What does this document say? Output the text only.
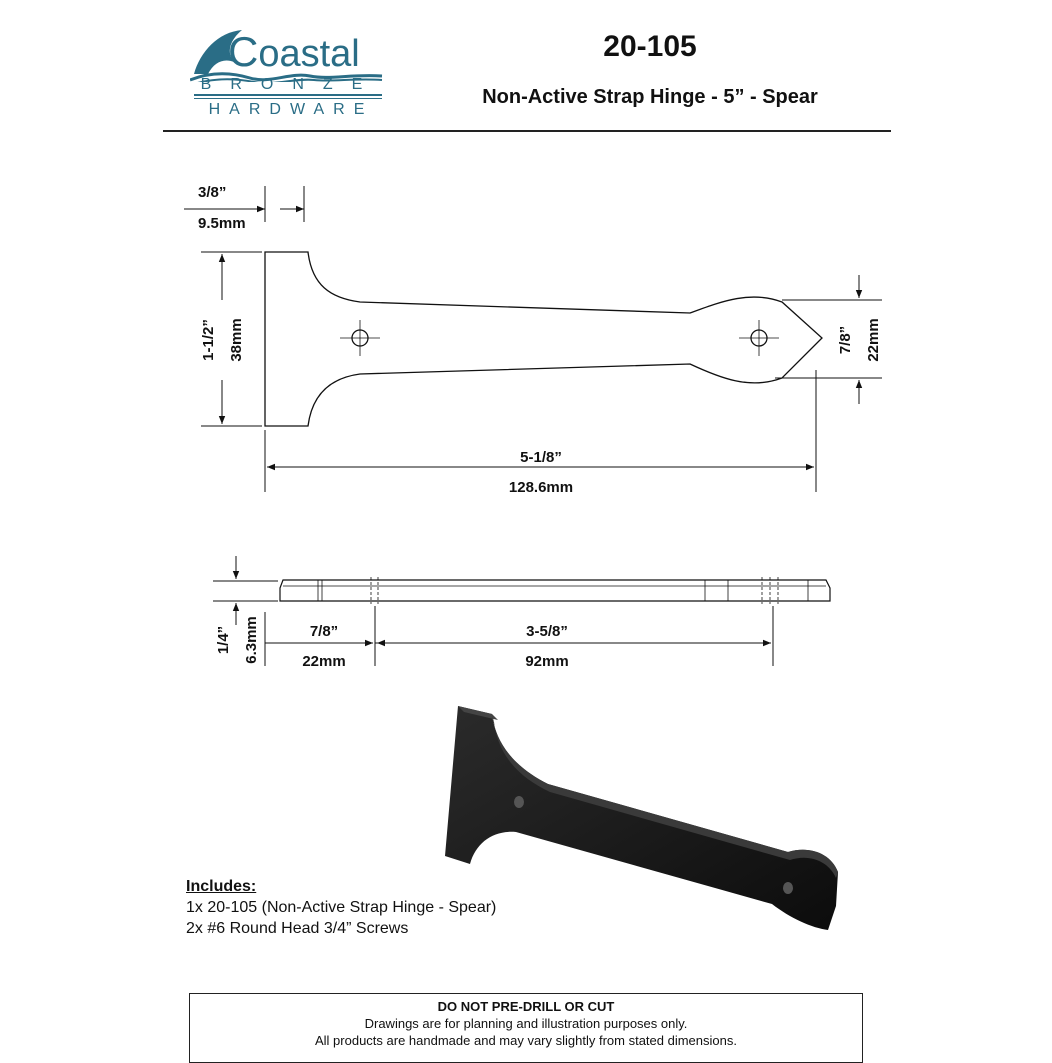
Coastal
BRONZE
HARDWARE
20-105
Non-Active Strap Hinge - 5” - Spear
3/8”
9.5mm
1-1/2” 38mm	7/8” 22mm
5-1/8”
128.6mm
1/4” 6.3mm	7/8”
22mm
3-5/8”
92mm
Includes:
1x 20-105 (Non-Active Strap Hinge - Spear)
2x #6 Round Head 3/4” Screws
DO NOT PRE-DRILL OR CUT
Drawings are for planning and illustration purposes only.
All products are handmade and may vary slightly from stated dimensions.
